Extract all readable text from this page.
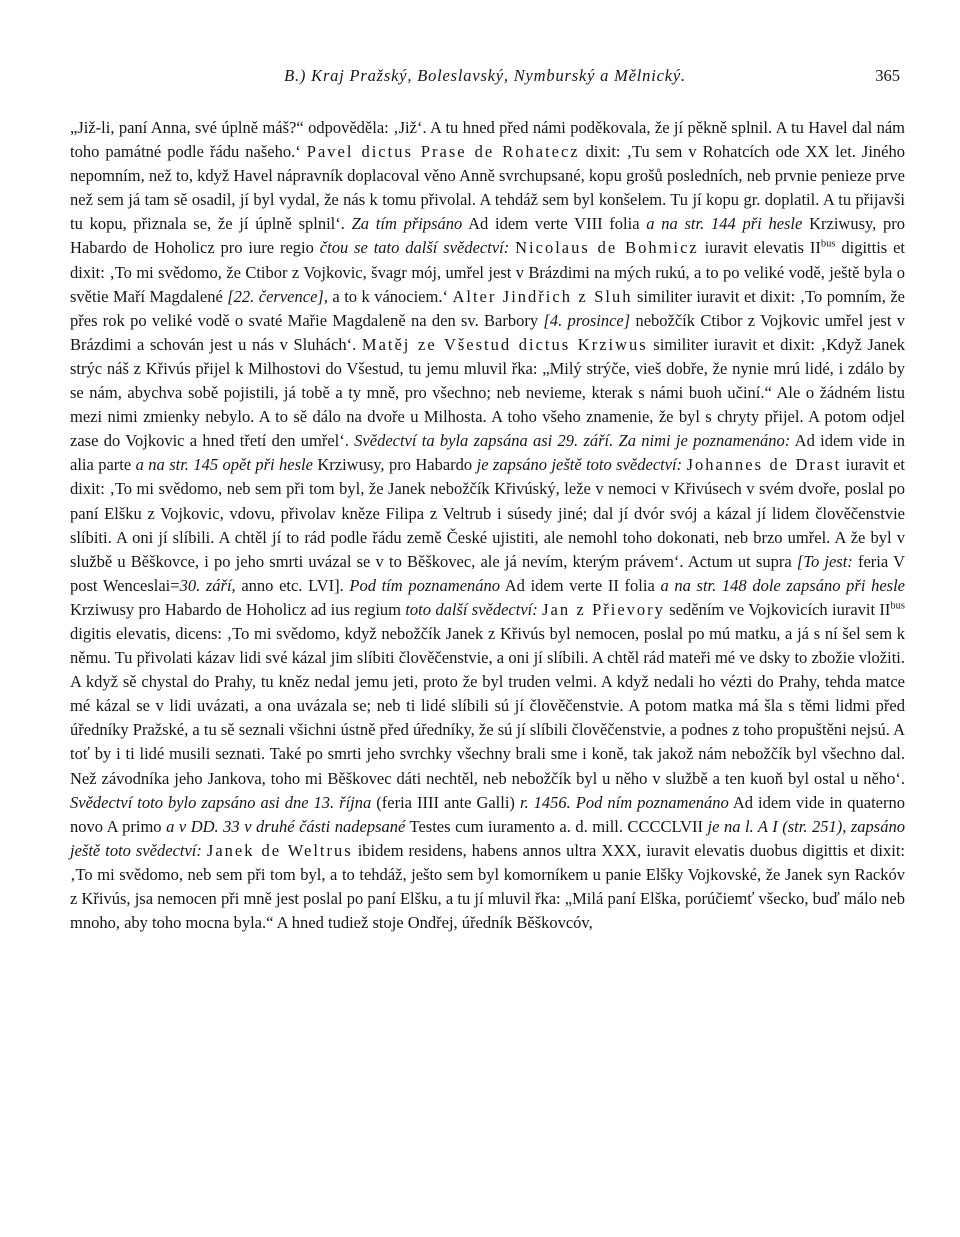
B.) Kraj Pražský, Boleslavský, Nymburský a Mělnický.	365

„Již-li, paní Anna, své úplně máš?“ odpověděla: ‚Již‘. A tu hned před námi poděkovala, že jí pěkně splnil. A tu Havel dal nám toho památné podle řádu našeho.‘ Pavel dictus Prase de Rohatecz dixit: ‚Tu sem v Rohatcích ode XX let. Jiného nepomním, než to, když Havel nápravník doplacoval věno Anně svrchupsané, kopu grošů posledních, neb prvnie penieze prve než sem já tam sě osadil, jí byl vydal, že nás k tomu přivolal. A tehdáž sem byl konšelem. Tu jí kopu gr. doplatil. A tu přijavši tu kopu, přiznala se, že jí úplně splnil‘. Za tím připsáno Ad idem verte VIII folia a na str. 144 při hesle Krziwusy, pro Habardo de Hoholicz pro iure regio čtou se tato další svědectví: Nicolaus de Bohmicz iuravit elevatis $II^{bus}$ digittis et dixit: ‚To mi svědomo, že Ctibor z Vojkovic, švagr mój, umřel jest v Brázdimi na mých rukú, a to po veliké vodě, ještě byla o světie Maří Magdalené [22. července], a to k vánociem.‘ Alter Jindřich z Sluh similiter iuravit et dixit: ‚To pomním, že přes rok po veliké vodě o svaté Mařie Magdaleně na den sv. Barbory [4. prosince] nebožčík Ctibor z Vojkovic umřel jest v Brázdimi a schován jest u nás v Sluhách‘. Matěj ze Všestud dictus Krziwus similiter iuravit et dixit: ‚Když Janek strýc náš z Křivús přijel k Milhostovi do Všestud, tu jemu mluvil řka: „Milý strýče, vieš dobře, že nynie mrú lidé, i zdálo by se nám, abychva sobě pojistili, já tobě a ty mně, pro všechno; neb nevieme, kterak s námi buoh učiní.“ Ale o žádném listu mezi nimi zmienky nebylo. A to sě dálo na dvoře u Milhosta. A toho všeho znamenie, že byl s chryty přijel. A potom odjel zase do Vojkovic a hned třetí den umřel‘. Svědectví ta byla zapsána asi 29. září. Za nimi je poznamenáno: Ad idem vide in alia parte a na str. 145 opět při hesle Krziwusy, pro Habardo je zapsáno ještě toto svědectví: Johannes de Drast iuravit et dixit: ‚To mi svědomo, neb sem při tom byl, že Janek nebožčík Křivúský, leže v nemoci v Křivúsech v svém dvoře, poslal po paní Elšku z Vojkovic, vdovu, přivolav kněze Filipa z Veltrub i súsedy jiné; dal jí dvór svój a kázal jí lidem člověčenstvie slíbiti. A oni jí slíbili. A chtěl jí to rád podle řádu země České ujistiti, ale nemohl toho dokonati, neb brzo umřel. A že byl v službě u Běškovce, i po jeho smrti uvázal se v to Běškovec, ale já nevím, kterým právem‘. Actum ut supra [To jest: feria V post Wenceslai=30. září, anno etc. LVI]. Pod tím poznamenáno Ad idem verte II folia a na str. 148 dole zapsáno při hesle Krziwusy pro Habardo de Hoholicz ad ius regium toto další svědectví: Jan z Přievory seděním ve Vojkovicích iuravit $II^{bus}$ digitis elevatis, dicens: ‚To mi svědomo, když nebožčík Janek z Křivús byl nemocen, poslal po mú matku, a já s ní šel sem k němu. Tu přivolati kázav lidi své kázal jim slíbiti člověčenstvie, a oni jí slíbili. A chtěl rád mateři mé ve dsky to zbožie vložiti. A když sě chystal do Prahy, tu kněz nedal jemu jeti, proto že byl truden velmi. A když nedali ho vézti do Prahy, tehda matce mé kázal se v lidi uvázati, a ona uvázala se; neb ti lidé slíbili sú jí člověčenstvie. A potom matka má šla s těmi lidmi před úředníky Pražské, a tu sě seznali všichni ústně před úředníky, že sú jí slíbili člověčenstvie, a podnes z toho propuštěni nejsú. A toť by i ti lidé musili seznati. Také po smrti jeho svrchky všechny brali sme i koně, tak jakož nám nebožčík byl všechno dal. Než závodníka jeho Jankova, toho mi Běškovec dáti nechtěl, neb nebožčík byl u něho v službě a ten kuoň byl ostal u něho‘. Svědectví toto bylo zapsáno asi dne 13. října (feria IIII ante Galli) r. 1456. Pod ním poznamenáno Ad idem vide in quaterno novo A primo a v DD. 33 v druhé části nadepsané Testes cum iuramento a. d. mill. CCCCLVII je na l. A I (str. 251), zapsáno ještě toto svědectví: Janek de Weltrus ibidem residens, habens annos ultra XXX, iuravit elevatis duobus digittis et dixit: ‚To mi svědomo, neb sem při tom byl, a to tehdáž, ješto sem byl komorníkem u panie Elšky Vojkovské, že Janek syn Rackóv z Křivús, jsa nemocen při mně jest poslal po paní Elšku, a tu jí mluvil řka: „Milá paní Elška, porúčiemť všecko, buď málo neb mnoho, aby toho mocna byla.“ A hned tudiež stoje Ondřej, úředník Běškovcóv,
